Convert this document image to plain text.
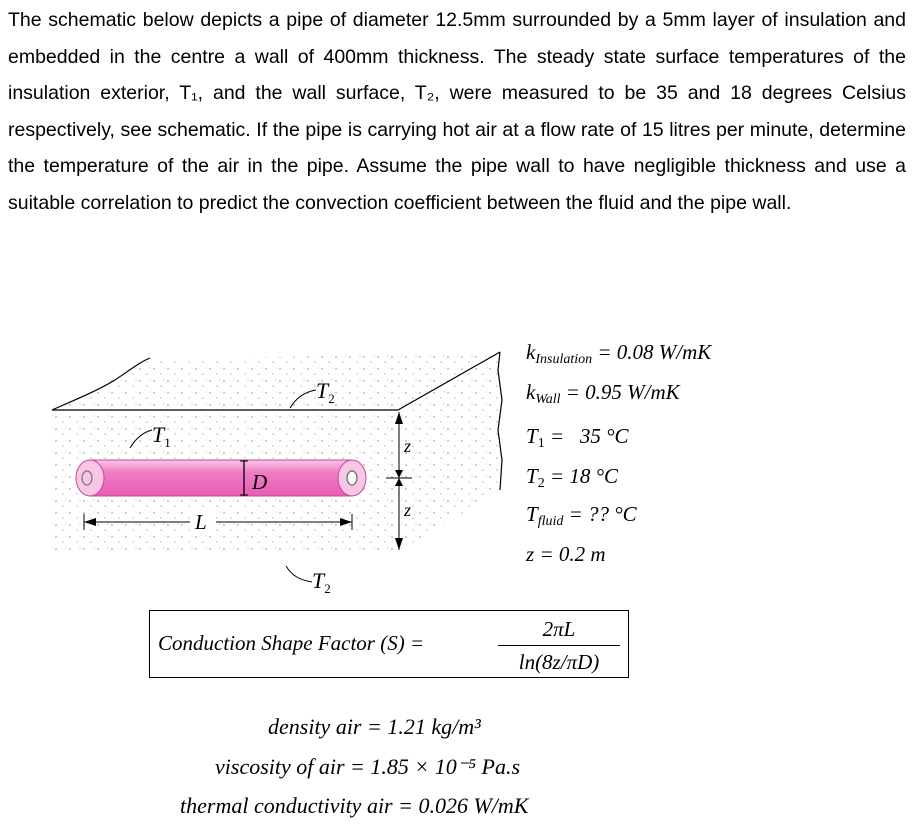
The schematic below depicts a pipe of diameter 12.5mm surrounded by a 5mm layer of insulation and embedded in the centre a wall of 400mm thickness. The steady state surface temperatures of the insulation exterior, T₁, and the wall surface, T₂, were measured to be 35 and 18 degrees Celsius respectively, see schematic. If the pipe is carrying hot air at a flow rate of 15 litres per minute, determine the temperature of the air in the pipe. Assume the pipe wall to have negligible thickness and use a suitable correlation to predict the convection coefficient between the fluid and the pipe wall.

D
L
z
z
$T_1$
$T_2$
$T_2$
$k_{Insulation} = 0.08$ W/mK
$k_{Wall} = 0.95$ W/mK
$T_1 = 35$ °C
$T_2 = 18$ °C
$T_{fluid}$ = ?? °C
z = 0.2 m
Conduction Shape Factor (S) =
2πL
ln(8z/πD)
density air = 1.21 kg/m³
viscosity of air = 1.85 × 10⁻⁵ Pa.s
thermal conductivity air = 0.026 W/mK
